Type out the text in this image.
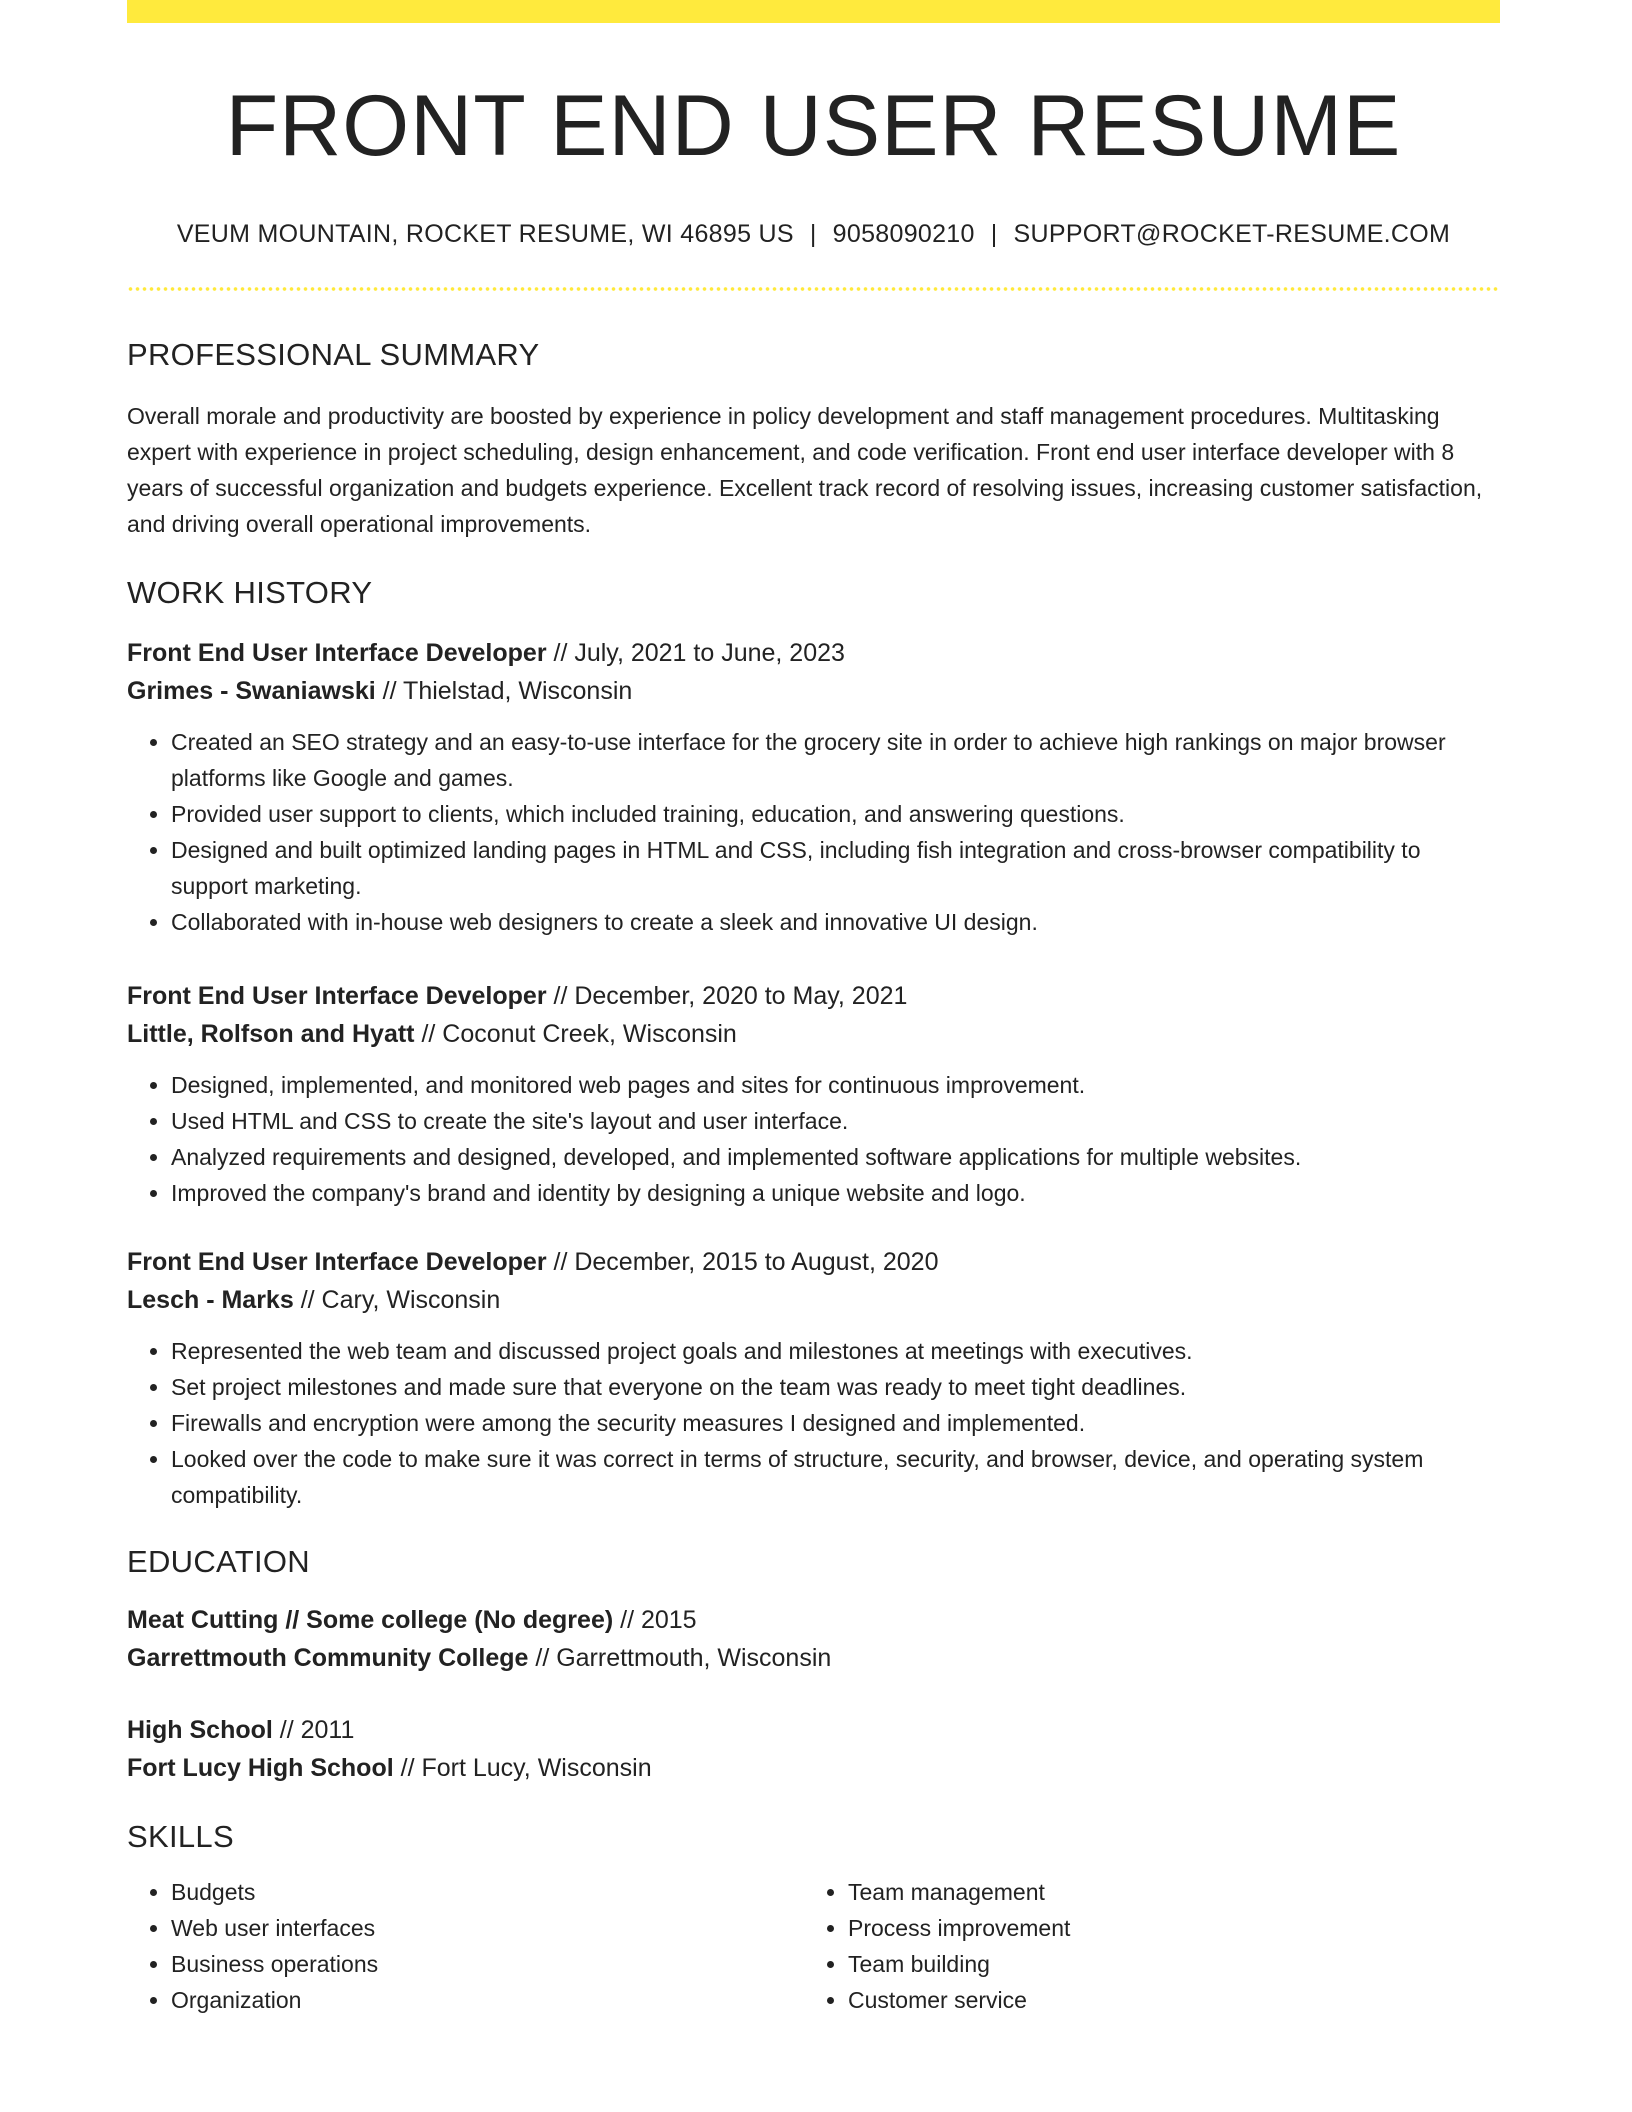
FRONT END USER RESUME
VEUM MOUNTAIN, ROCKET RESUME, WI 46895 US | 9058090210 | SUPPORT@ROCKET-RESUME.COM
PROFESSIONAL SUMMARY

Overall morale and productivity are boosted by experience in policy development and staff management procedures. Multitasking expert with experience in project scheduling, design enhancement, and code verification. Front end user interface developer with 8 years of successful organization and budgets experience. Excellent track record of resolving issues, increasing customer satisfaction, and driving overall operational improvements.

WORK HISTORY
Front End User Interface Developer // July, 2021 to June, 2023
Grimes - Swaniawski // Thielstad, Wisconsin
• Created an SEO strategy and an easy-to-use interface for the grocery site in order to achieve high rankings on major browser platforms like Google and games.
• Provided user support to clients, which included training, education, and answering questions.
• Designed and built optimized landing pages in HTML and CSS, including fish integration and cross-browser compatibility to support marketing.
• Collaborated with in-house web designers to create a sleek and innovative UI design.
Front End User Interface Developer // December, 2020 to May, 2021
Little, Rolfson and Hyatt // Coconut Creek, Wisconsin
• Designed, implemented, and monitored web pages and sites for continuous improvement.
• Used HTML and CSS to create the site's layout and user interface.
• Analyzed requirements and designed, developed, and implemented software applications for multiple websites.
• Improved the company's brand and identity by designing a unique website and logo.
Front End User Interface Developer // December, 2015 to August, 2020
Lesch - Marks // Cary, Wisconsin
• Represented the web team and discussed project goals and milestones at meetings with executives.
• Set project milestones and made sure that everyone on the team was ready to meet tight deadlines.
• Firewalls and encryption were among the security measures I designed and implemented.
• Looked over the code to make sure it was correct in terms of structure, security, and browser, device, and operating system compatibility.
EDUCATION
Meat Cutting // Some college (No degree) // 2015
Garrettmouth Community College // Garrettmouth, Wisconsin
High School // 2011
Fort Lucy High School // Fort Lucy, Wisconsin
SKILLS
• Budgets
• Web user interfaces
• Business operations
• Organization
• Team management
• Process improvement
• Team building
• Customer service
